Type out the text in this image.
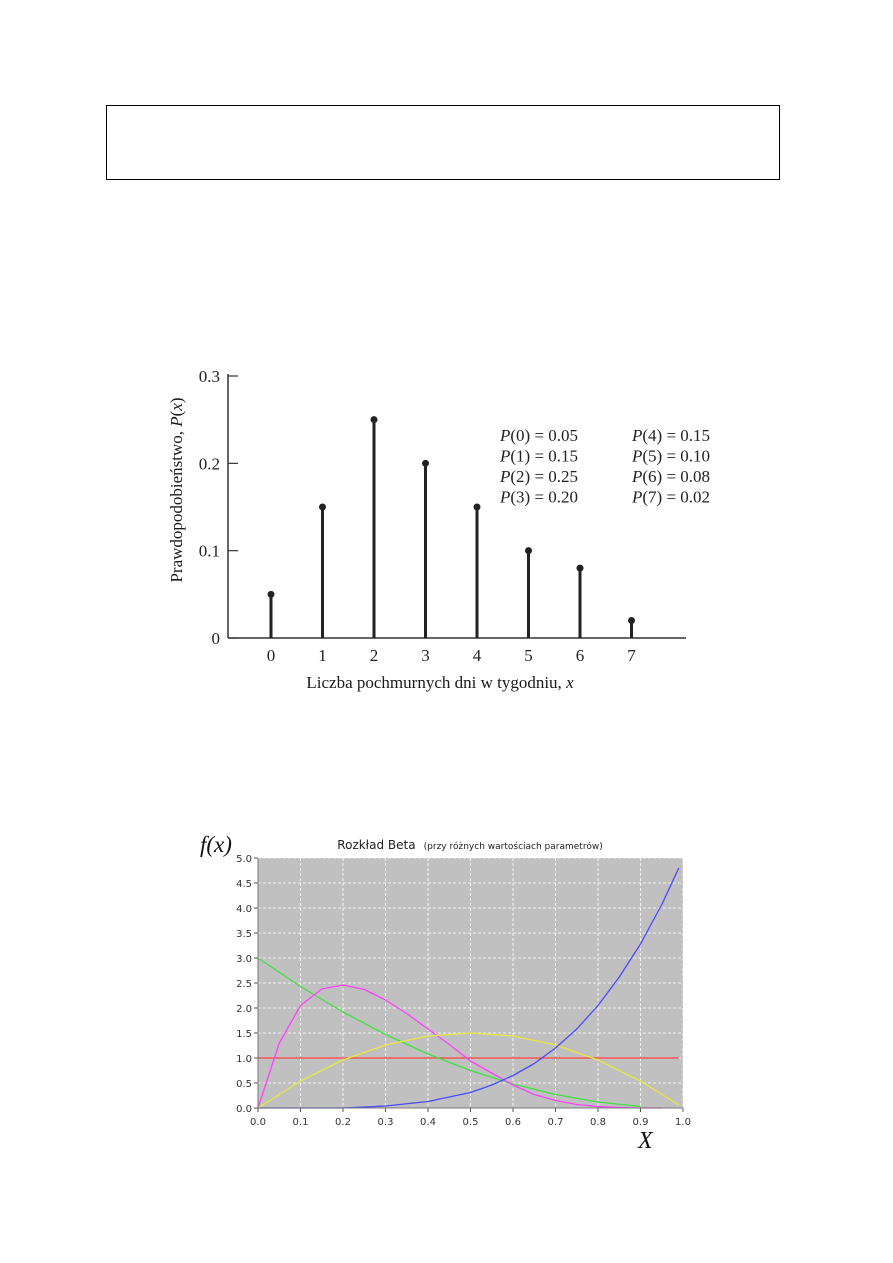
0
0.1
0.2
0.3
0	1	2	3	4	5	6	7
P(0) = 0.05
P(1) = 0.15
P(2) = 0.25
P(3) = 0.20
P(4) = 0.15
P(5) = 0.10
P(6) = 0.08
P(7) = 0.02
Liczba pochmurnych dni w tygodniu, x
Prawdopodobieństwo, P(x)
0.0	0.1	0.2	0.3	0.4	0.5	0.6	0.7	0.8	0.9	1.0
0.0
0.5
1.0
1.5
2.0
2.5
3.0
3.5
4.0
4.5
5.0
Rozkład Beta (przy różnych wartościach parametrów)
f(x)
X
